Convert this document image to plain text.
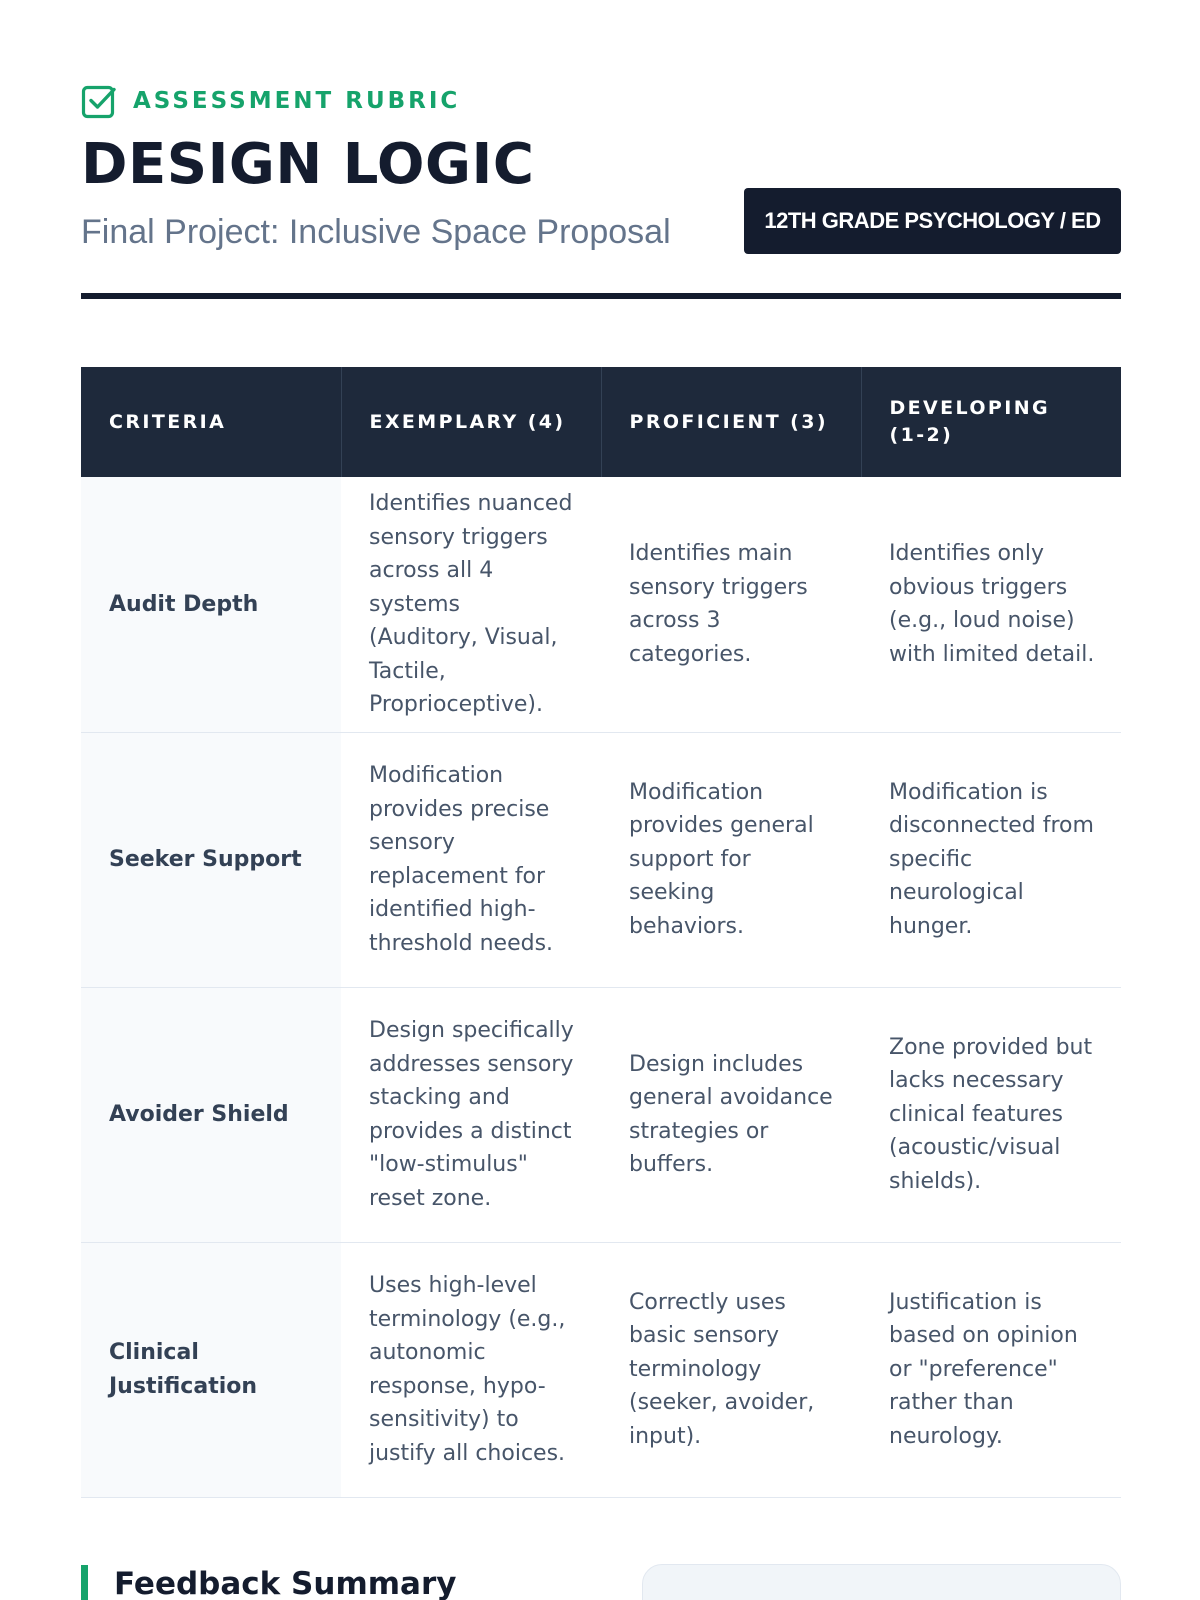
ASSESSMENT RUBRIC
DESIGN LOGIC
Final Project: Inclusive Space Proposal	12TH GRADE PSYCHOLOGY / ED
CRITERIA	EXEMPLARY (4)	PROFICIENT (3)	DEVELOPING (1-2)
Audit Depth	Identifies nuanced sensory triggers across all 4 systems (Auditory, Visual, Tactile, Proprioceptive).	Identifies main sensory triggers across 3 categories.	Identifies only obvious triggers (e.g., loud noise) with limited detail.
Seeker Support	Modification provides precise sensory replacement for identified high-threshold needs.	Modification provides general support for seeking behaviors.	Modification is disconnected from specific neurological hunger.
Avoider Shield	Design specifically addresses sensory stacking and provides a distinct "low-stimulus" reset zone.	Design includes general avoidance strategies or buffers.	Zone provided but lacks necessary clinical features (acoustic/visual shields).
Clinical Justification	Uses high-level terminology (e.g., autonomic response, hypo-sensitivity) to justify all choices.	Correctly uses basic sensory terminology (seeker, avoider, input).	Justification is based on opinion or "preference" rather than neurology.
Feedback Summary
